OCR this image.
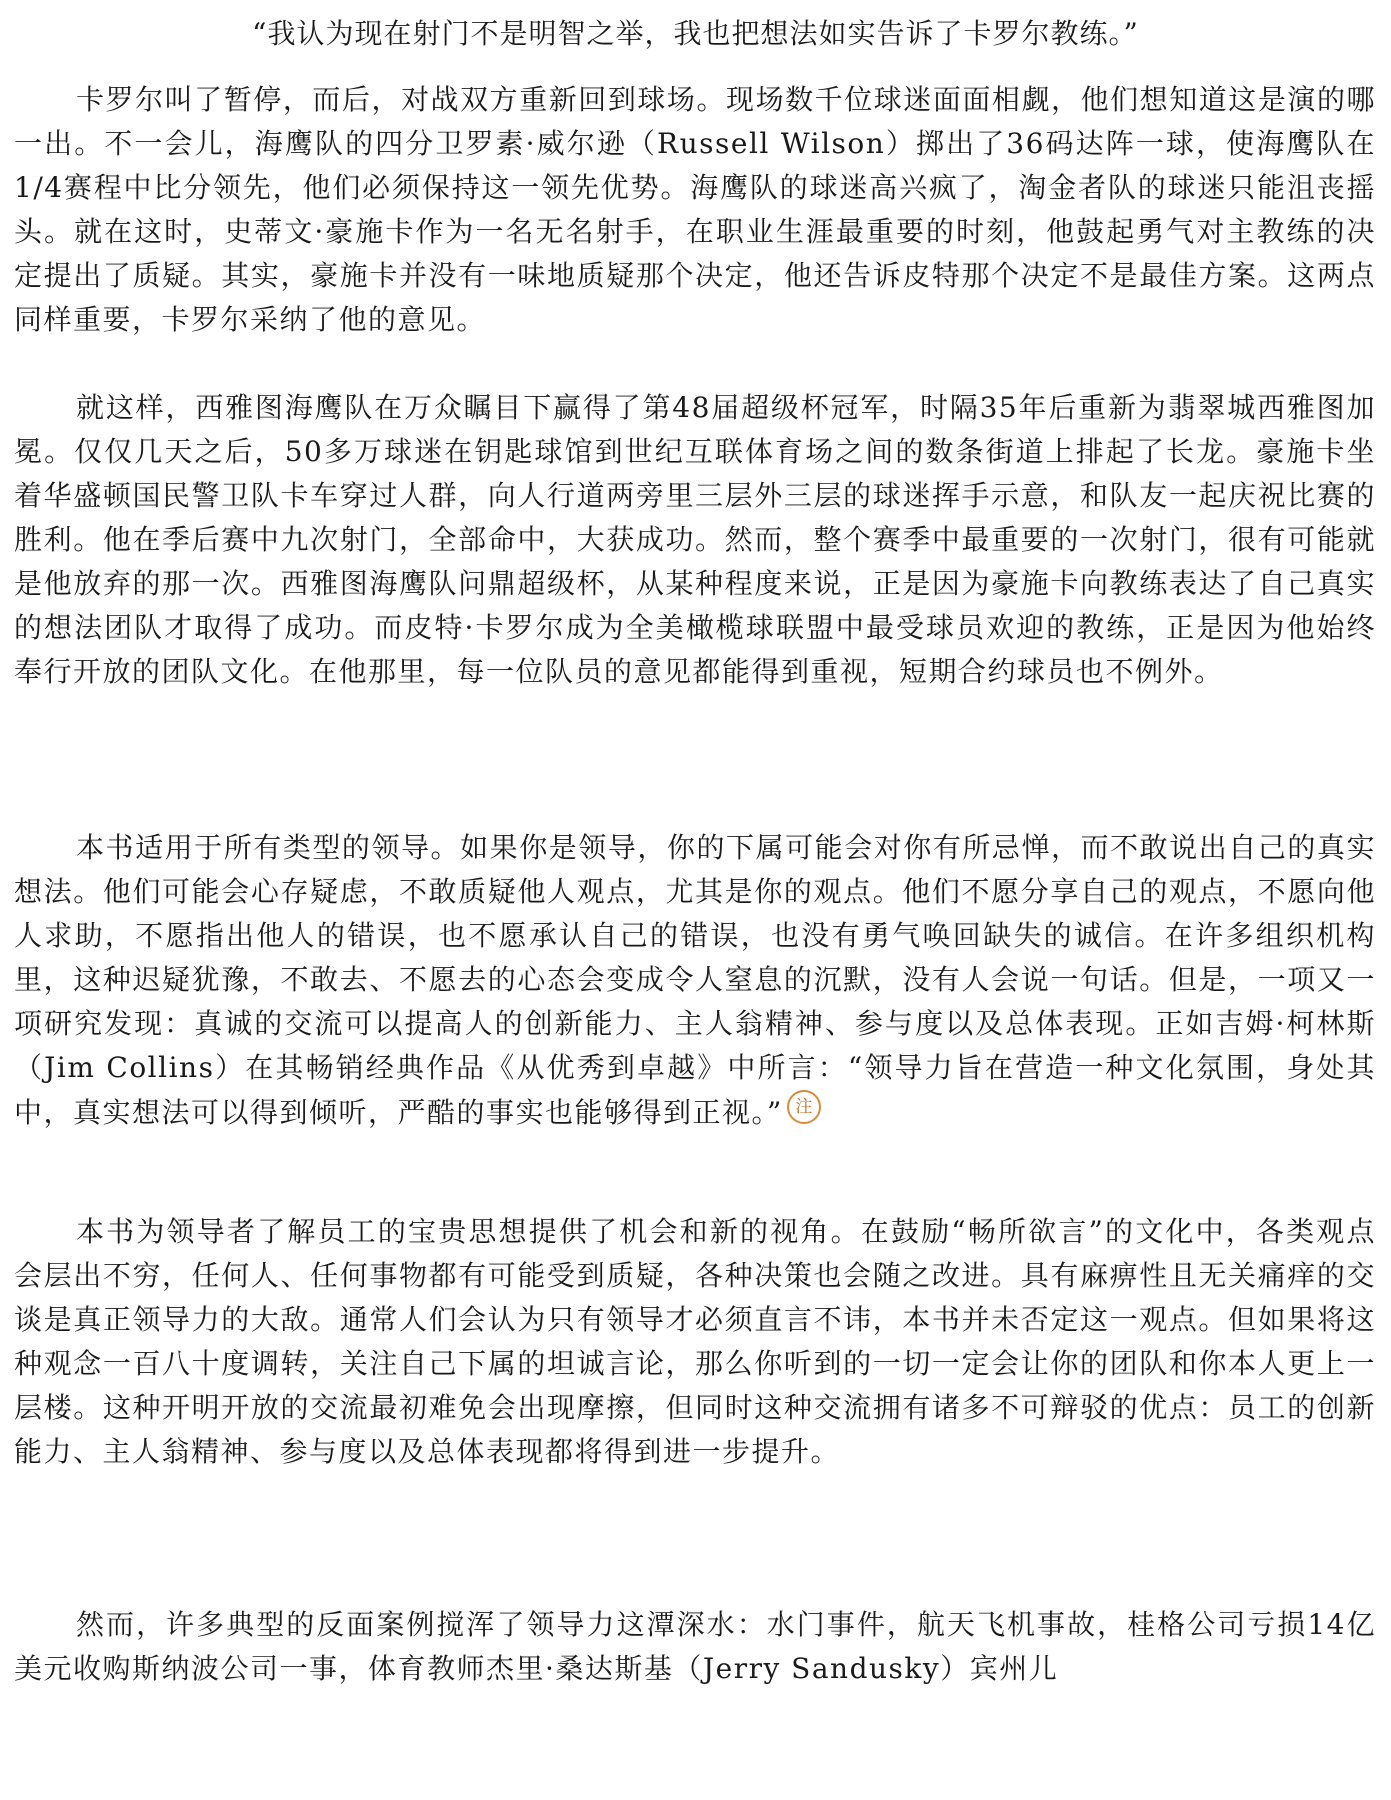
“我认为现在射门不是明智之举，我也把想法如实告诉了卡罗尔教练。”

卡罗尔叫了暂停，而后，对战双方重新回到球场。现场数千位球迷面面相觑，他们想知道这是演的哪一出。不一会儿，海鹰队的四分卫罗素·威尔逊（Russell Wilson）掷出了36码达阵一球，使海鹰队在1/4赛程中比分领先，他们必须保持这一领先优势。海鹰队的球迷高兴疯了，淘金者队的球迷只能沮丧摇头。就在这时，史蒂文·豪施卡作为一名无名射手，在职业生涯最重要的时刻，他鼓起勇气对主教练的决定提出了质疑。其实，豪施卡并没有一味地质疑那个决定，他还告诉皮特那个决定不是最佳方案。这两点同样重要，卡罗尔采纳了他的意见。

就这样，西雅图海鹰队在万众瞩目下赢得了第48届超级杯冠军，时隔35年后重新为翡翠城西雅图加冕。仅仅几天之后，50多万球迷在钥匙球馆到世纪互联体育场之间的数条街道上排起了长龙。豪施卡坐着华盛顿国民警卫队卡车穿过人群，向人行道两旁里三层外三层的球迷挥手示意，和队友一起庆祝比赛的胜利。他在季后赛中九次射门，全部命中，大获成功。然而，整个赛季中最重要的一次射门，很有可能就是他放弃的那一次。西雅图海鹰队问鼎超级杯，从某种程度来说，正是因为豪施卡向教练表达了自己真实的想法团队才取得了成功。而皮特·卡罗尔成为全美橄榄球联盟中最受球员欢迎的教练，正是因为他始终奉行开放的团队文化。在他那里，每一位队员的意见都能得到重视，短期合约球员也不例外。

本书适用于所有类型的领导。如果你是领导，你的下属可能会对你有所忌惮，而不敢说出自己的真实想法。他们可能会心存疑虑，不敢质疑他人观点，尤其是你的观点。他们不愿分享自己的观点，不愿向他人求助，不愿指出他人的错误，也不愿承认自己的错误，也没有勇气唤回缺失的诚信。在许多组织机构里，这种迟疑犹豫，不敢去、不愿去的心态会变成令人窒息的沉默，没有人会说一句话。但是，一项又一项研究发现：真诚的交流可以提高人的创新能力、主人翁精神、参与度以及总体表现。正如吉姆·柯林斯（Jim Collins）在其畅销经典作品《从优秀到卓越》中所言：“领导力旨在营造一种文化氛围，身处其中，真实想法可以得到倾听，严酷的事实也能够得到正视。” 注

本书为领导者了解员工的宝贵思想提供了机会和新的视角。在鼓励“畅所欲言”的文化中，各类观点会层出不穷，任何人、任何事物都有可能受到质疑，各种决策也会随之改进。具有麻痹性且无关痛痒的交谈是真正领导力的大敌。通常人们会认为只有领导才必须直言不讳，本书并未否定这一观点。但如果将这种观念一百八十度调转，关注自己下属的坦诚言论，那么你听到的一切一定会让你的团队和你本人更上一层楼。这种开明开放的交流最初难免会出现摩擦，但同时这种交流拥有诸多不可辩驳的优点：员工的创新能力、主人翁精神、参与度以及总体表现都将得到进一步提升。

然而，许多典型的反面案例搅浑了领导力这潭深水：水门事件，航天飞机事故，桂格公司亏损14亿美元收购斯纳波公司一事，体育教师杰里·桑达斯基（Jerry Sandusky）宾州儿
